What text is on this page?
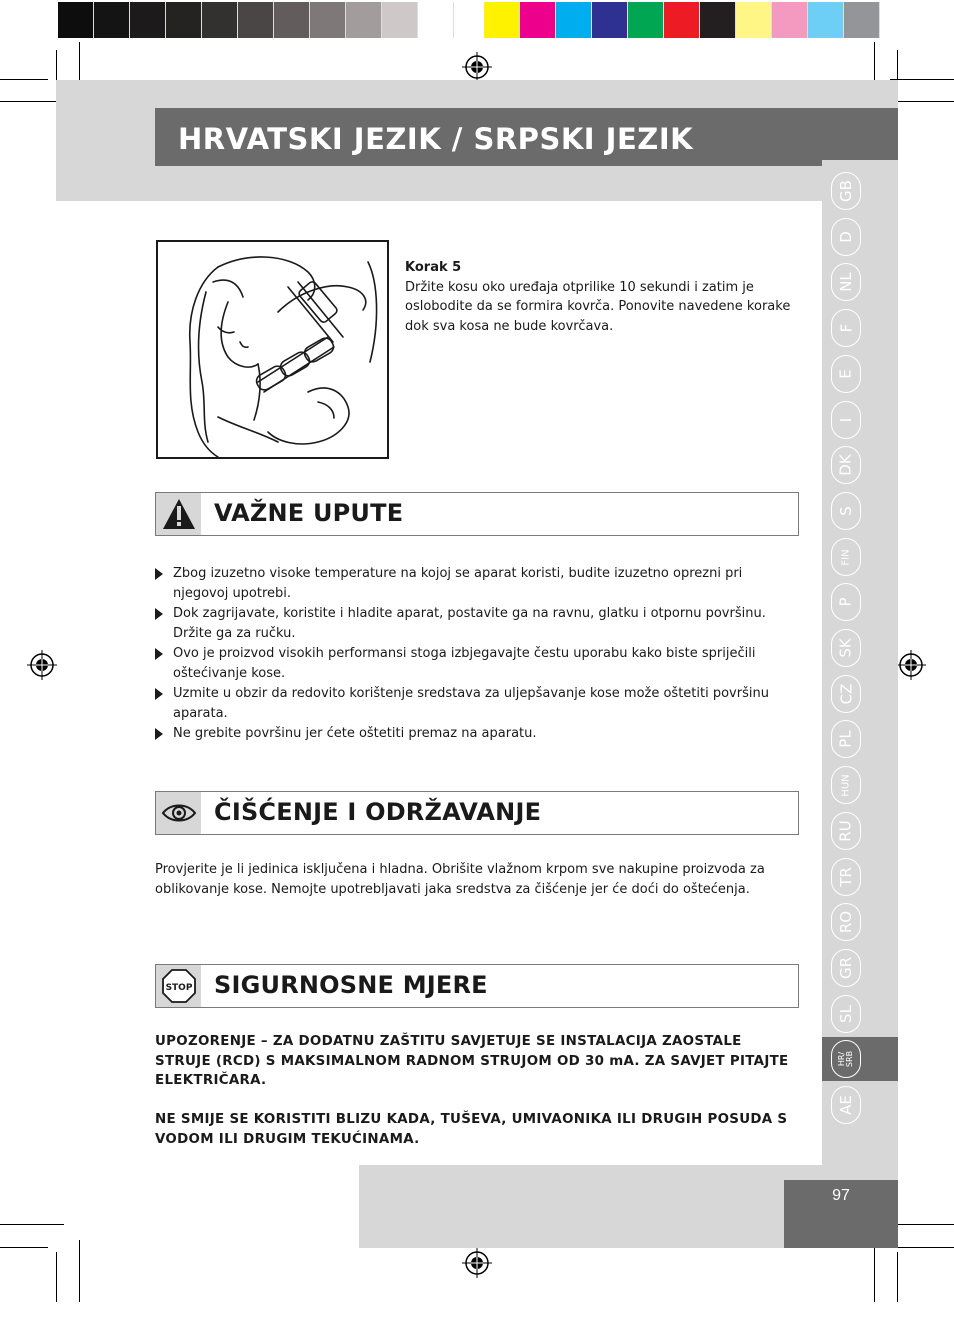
HRVATSKI JEZIK / SRPSKI JEZIK
GB
D
NL
F
E
I
DK
S
FIN
P
SK
CZ
PL
HUN
RU
TR
RO
GR
SL
HR/ SRB
AE
97
Korak 5
Držite kosu oko uređaja otprilike 10 sekundi i zatim je oslobodite da se formira kovrča. Ponovite navedene korake dok sva kosa ne bude kovrčava.
VAŽNE UPUTE
Zbog izuzetno visoke temperature na kojoj se aparat koristi, budite izuzetno oprezni pri njegovoj upotrebi.
Dok zagrijavate, koristite i hladite aparat, postavite ga na ravnu, glatku i otpornu površinu. Držite ga za ručku.
Ovo je proizvod visokih performansi stoga izbjegavajte čestu uporabu kako biste spriječili oštećivanje kose.
Uzmite u obzir da redovito korištenje sredstava za uljepšavanje kose može oštetiti površinu aparata.
Ne grebite površinu jer ćete oštetiti premaz na aparatu.
ČIŠĆENJE I ODRŽAVANJE
Provjerite je li jedinica isključena i hladna. Obrišite vlažnom krpom sve nakupine proizvoda za oblikovanje kose. Nemojte upotrebljavati jaka sredstva za čišćenje jer će doći do oštećenja.
STOP SIGURNOSNE MJERE
UPOZORENJE – ZA DODATNU ZAŠTITU SAVJETUJE SE INSTALACIJA ZAOSTALE STRUJE (RCD) S MAKSIMALNOM RADNOM STRUJOM OD 30 mA. ZA SAVJET PITAJTE ELEKTRIČARA.
NE SMIJE SE KORISTITI BLIZU KADA, TUŠEVA, UMIVAONIKA ILI DRUGIH POSUDA S VODOM ILI DRUGIM TEKUĆINAMA.
